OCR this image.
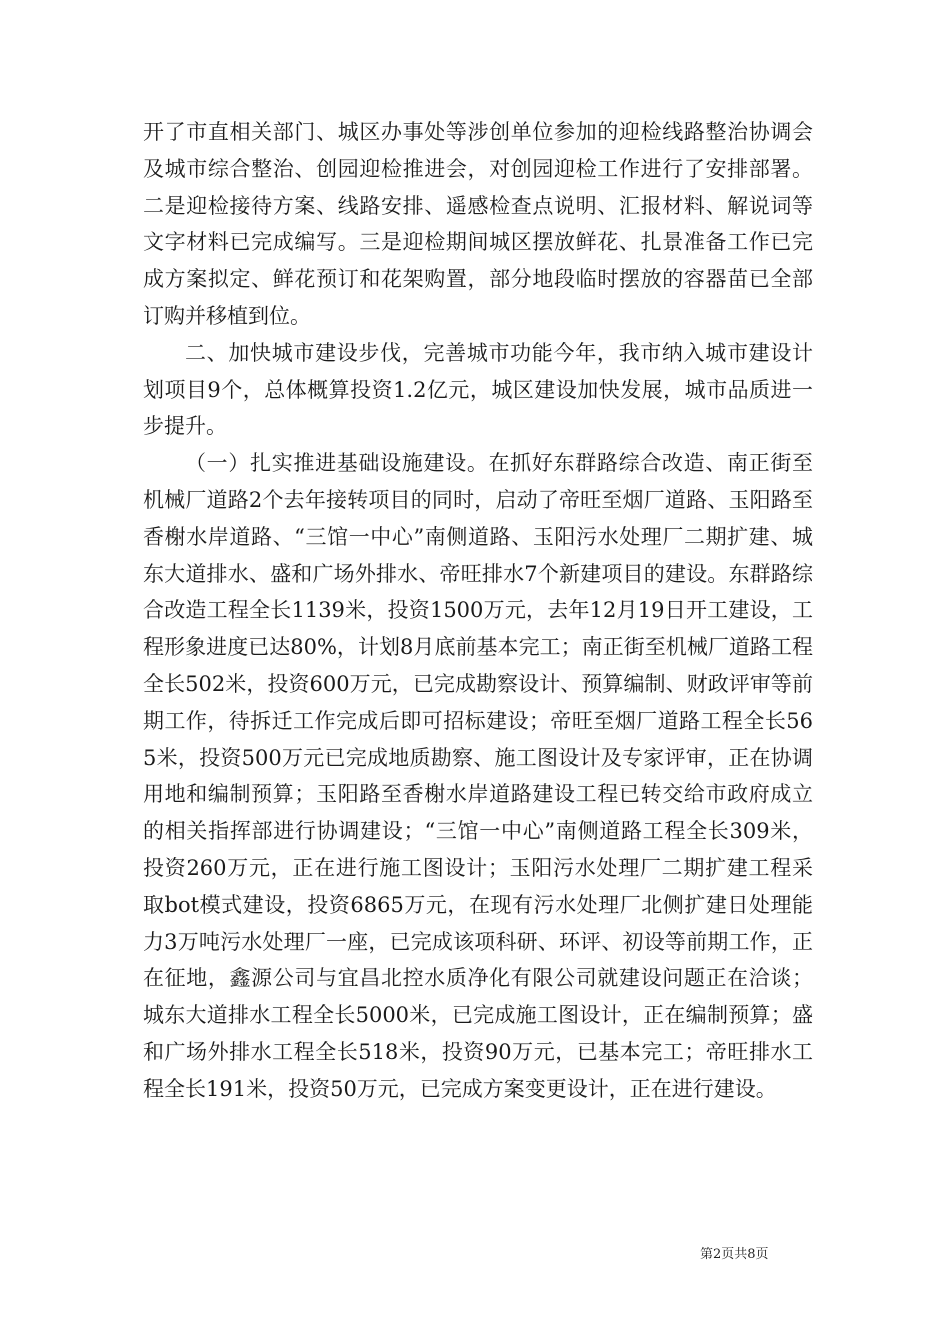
开了市直相关部门、城区办事处等涉创单位参加的迎检线路整治协调会及城市综合整治、创园迎检推进会，对创园迎检工作进行了安排部署。二是迎检接待方案、线路安排、遥感检查点说明、汇报材料、解说词等文字材料已完成编写。三是迎检期间城区摆放鲜花、扎景准备工作已完成方案拟定、鲜花预订和花架购置，部分地段临时摆放的容器苗已全部订购并移植到位。

二、加快城市建设步伐，完善城市功能今年，我市纳入城市建设计划项目9个，总体概算投资1.2亿元，城区建设加快发展，城市品质进一步提升。

（一）扎实推进基础设施建设。在抓好东群路综合改造、南正街至机械厂道路2个去年接转项目的同时，启动了帝旺至烟厂道路、玉阳路至香榭水岸道路、“三馆一中心”南侧道路、玉阳污水处理厂二期扩建、城东大道排水、盛和广场外排水、帝旺排水7个新建项目的建设。东群路综合改造工程全长1139米，投资1500万元，去年12月19日开工建设，工程形象进度已达80%，计划8月底前基本完工；南正街至机械厂道路工程全长502米，投资600万元，已完成勘察设计、预算编制、财政评审等前期工作，待拆迁工作完成后即可招标建设；帝旺至烟厂道路工程全长565米，投资500万元已完成地质勘察、施工图设计及专家评审，正在协调用地和编制预算；玉阳路至香榭水岸道路建设工程已转交给市政府成立的相关指挥部进行协调建设；“三馆一中心”南侧道路工程全长309米，投资260万元，正在进行施工图设计；玉阳污水处理厂二期扩建工程采取bot模式建设，投资6865万元，在现有污水处理厂北侧扩建日处理能力3万吨污水处理厂一座，已完成该项科研、环评、初设等前期工作，正在征地，鑫源公司与宜昌北控水质净化有限公司就建设问题正在洽谈；城东大道排水工程全长5000米，已完成施工图设计，正在编制预算；盛和广场外排水工程全长518米，投资90万元，已基本完工；帝旺排水工程全长191米，投资50万元，已完成方案变更设计，正在进行建设。

第2页共8页
